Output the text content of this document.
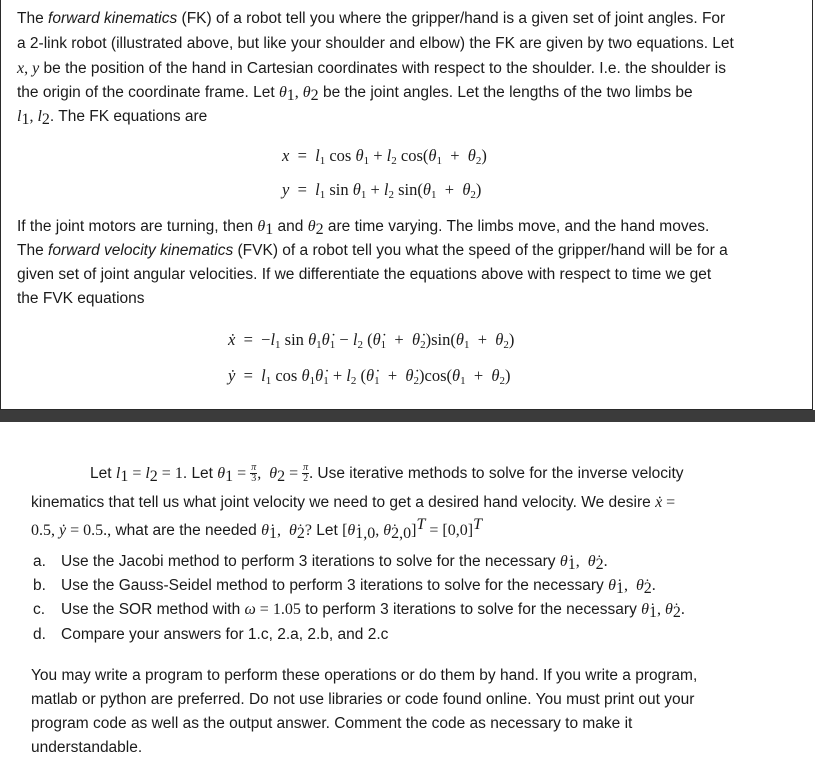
The forward kinematics (FK) of a robot tell you where the gripper/hand is a given set of joint angles. For
a 2-link robot (illustrated above, but like your shoulder and elbow) the FK are given by two equations. Let
x, y be the position of the hand in Cartesian coordinates with respect to the shoulder. I.e. the shoulder is
the origin of the coordinate frame. Let $\theta_1$, $\theta_2$ be the joint angles. Let the lengths of the two limbs be
$l_1$, $l_2$. The FK equations are
$x = l_1$ $\cos \theta_1 + l_2$ $\cos(\theta_1 + \theta_2)$
$y = l_1$ $\sin \theta_1 + l_2$ $\sin(\theta_1 + \theta_2)$
If the joint motors are turning, then $\theta_1$ and $\theta_2$ are time varying. The limbs move, and the hand moves.
The forward velocity kinematics (FVK) of a robot tell you what the speed of the gripper/hand will be for a
given set of joint angular velocities. If we differentiate the equations above with respect to time we get
the FVK equations
ẋ  =  $-l_1$ $\sin \theta_1\thetȧ_1 - l_2$ ($\thetȧ_1$  +  $\thetȧ_2)\sin(\theta_1 + \theta_2)$
ẏ  =  $l_1$ $\cos \theta_1\thetȧ_1 + l_2$ ($\thetȧ_1$  +  $\thetȧ_2)\cos(\theta_1 + \theta_2)$
Let $l_1 = l_2 = 1$. Let $\theta_1 = \frac{\pi}{3}$ ,  $\theta_2 = \frac{\pi}{2}$ . Use iterative methods to solve for the inverse velocity
kinematics that tell us what joint velocity we need to get a desired hand velocity. We desire ẋ =
0.5, ẏ = 0.5., what are the needed $\thetȧ_1$,  $\thetȧ_2$? Let [$\thetȧ_{1,0}$, $\thetȧ_{2,0}]^T = [0,0]^T$
a. Use the Jacobi method to perform 3 iterations to solve for the necessary $\thetȧ_1$,  $\thetȧ_2$.
b. Use the Gauss-Seidel method to perform 3 iterations to solve for the necessary $\thetȧ_1$,  $\thetȧ_2$.
c. Use the SOR method with ω = 1.05 to perform 3 iterations to solve for the necessary $\thetȧ_1$, $\thetȧ_2$.
d. Compare your answers for 1.c, 2.a, 2.b, and 2.c
You may write a program to perform these operations or do them by hand. If you write a program,
matlab or python are preferred. Do not use libraries or code found online. You must print out your
program code as well as the output answer. Comment the code as necessary to make it
understandable.
